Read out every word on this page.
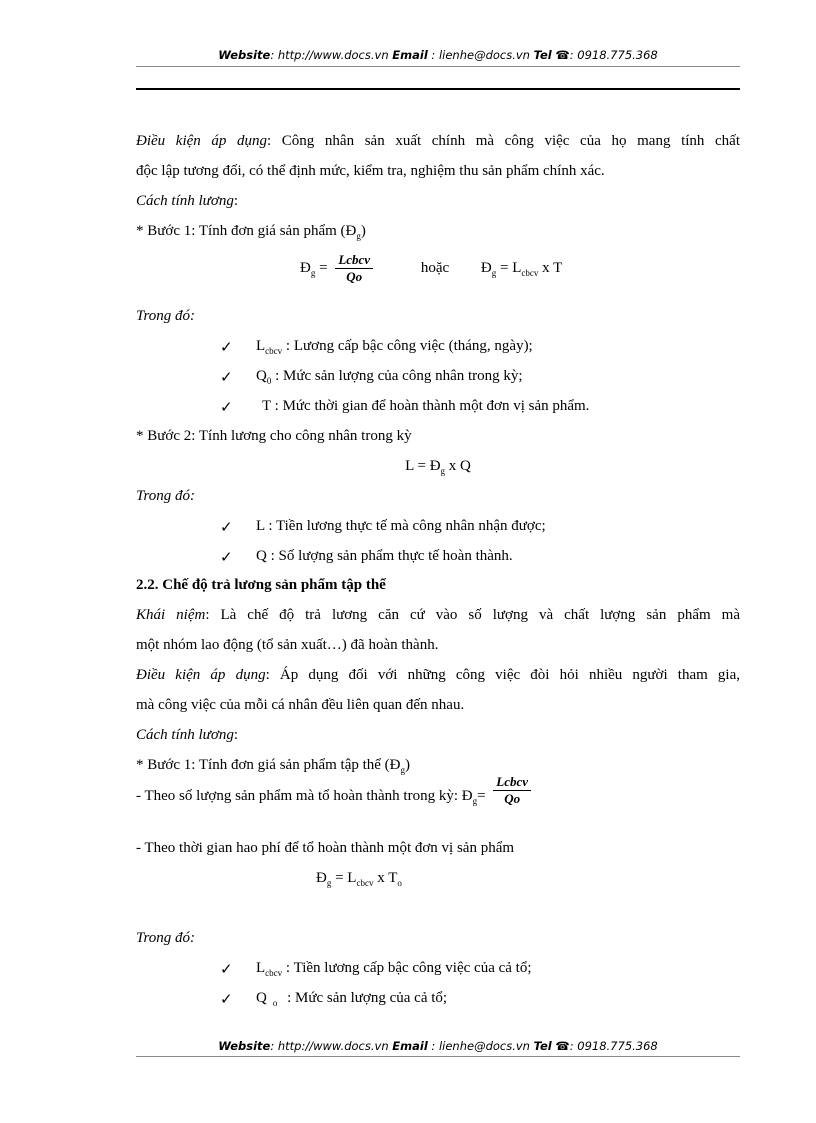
Website: http://www.docs.vn Email : lienhe@docs.vn Tel ☎: 0918.775.368
Điều kiện áp dụng: Công nhân sản xuất chính mà công việc của họ mang tính chất
độc lập tương đối, có thể định mức, kiểm tra, nghiệm thu sản phẩm chính xác.
Cách tính lương:
* Bước 1: Tính đơn giá sản phẩm $(Đ_g)$
$Đ_g = \frac{\text{Lcbcv}}{Qo}$	hoặc $Đ_g = L_{cbcv}$ x T
Trong đó:
✓ $L_{cbcv}$ : Lương cấp bậc công việc (tháng, ngày);
✓ $Q_0$ : Mức sản lượng của công nhân trong kỳ;
✓ T : Mức thời gian để hoàn thành một đơn vị sản phẩm.
* Bước 2: Tính lương cho công nhân trong kỳ
$L = Đ_g$ x Q
Trong đó:
✓ L : Tiền lương thực tế mà công nhân nhận được;
✓ Q : Số lượng sản phẩm thực tế hoàn thành.
2.2. Chế độ trả lương sản phẩm tập thể
Khái niệm: Là chế độ trả lương căn cứ vào số lượng và chất lượng sản phẩm mà
một nhóm lao động (tổ sản xuất…) đã hoàn thành.
Điều kiện áp dụng: Áp dụng đối với những công việc đòi hỏi nhiều người tham gia,
mà công việc của mỗi cá nhân đều liên quan đến nhau.
Cách tính lương:
* Bước 1: Tính đơn giá sản phẩm tập thể $(Đ_g)$
- Theo số lượng sản phẩm mà tổ hoàn thành trong kỳ: $Đ_g= \frac{\text{Lcbcv}}{Qo}$
- Theo thời gian hao phí để tổ hoàn thành một đơn vị sản phẩm
$Đ_g = L_{cbcv}$ x $T_o$
Trong đó:
✓ $L_{cbcv}$ : Tiền lương cấp bậc công việc của cả tổ;
✓ Q $_o$ : Mức sản lượng của cả tổ;
Website: http://www.docs.vn Email : lienhe@docs.vn Tel ☎: 0918.775.368
